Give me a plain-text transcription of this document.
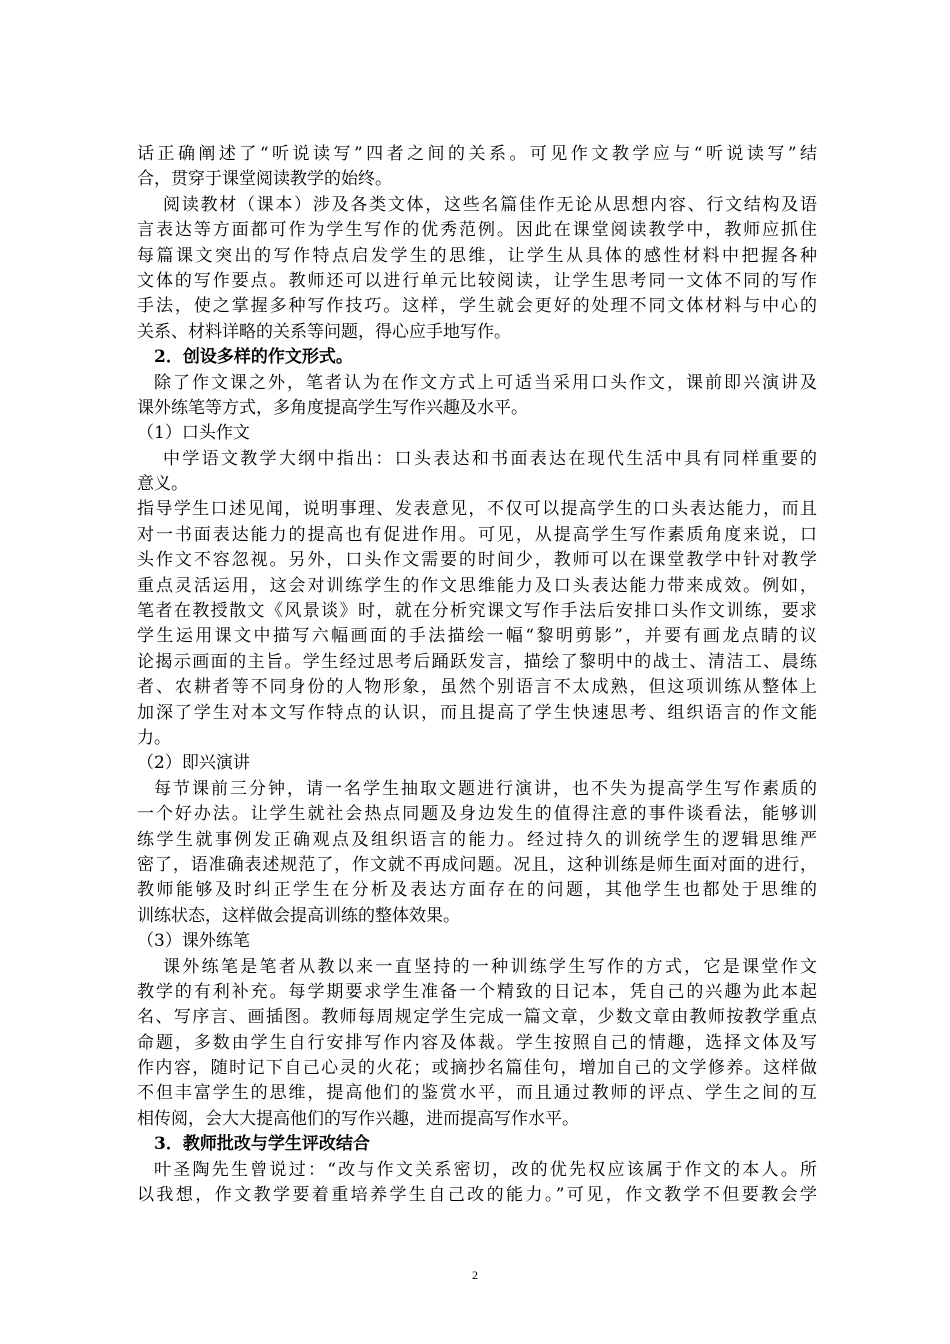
话正确阐述了“听说读写”四者之间的关系。可见作文教学应与“听说读写”结
合，贯穿于课堂阅读教学的始终。
阅读教材（课本）涉及各类文体，这些名篇佳作无论从思想内容、行文结构及语
言表达等方面都可作为学生写作的优秀范例。因此在课堂阅读教学中，教师应抓住
每篇课文突出的写作特点启发学生的思维，让学生从具体的感性材料中把握各种
文体的写作要点。教师还可以进行单元比较阅读，让学生思考同一文体不同的写作
手法，使之掌握多种写作技巧。这样，学生就会更好的处理不同文体材料与中心的
关系、材料详略的关系等问题，得心应手地写作。
2．创设多样的作文形式。
除了作文课之外，笔者认为在作文方式上可适当采用口头作文，课前即兴演讲及
课外练笔等方式，多角度提高学生写作兴趣及水平。
（1）口头作文
中学语文教学大纲中指出：口头表达和书面表达在现代生活中具有同样重要的
意义。
指导学生口述见闻，说明事理、发表意见，不仅可以提高学生的口头表达能力，而且
对一书面表达能力的提高也有促进作用。可见，从提高学生写作素质角度来说，口
头作文不容忽视。另外，口头作文需要的时间少，教师可以在课堂教学中针对教学
重点灵活运用，这会对训练学生的作文思维能力及口头表达能力带来成效。例如，
笔者在教授散文《风景谈》时，就在分析究课文写作手法后安排口头作文训练，要求
学生运用课文中描写六幅画面的手法描绘一幅“黎明剪影”，并要有画龙点睛的议
论揭示画面的主旨。学生经过思考后踊跃发言，描绘了黎明中的战士、清洁工、晨练
者、农耕者等不同身份的人物形象，虽然个别语言不太成熟，但这项训练从整体上
加深了学生对本文写作特点的认识，而且提高了学生快速思考、组织语言的作文能
力。
（2）即兴演讲
每节课前三分钟，请一名学生抽取文题进行演讲，也不失为提高学生写作素质的
一个好办法。让学生就社会热点同题及身边发生的值得注意的事件谈看法，能够训
练学生就事例发正确观点及组织语言的能力。经过持久的训统学生的逻辑思维严
密了，语准确表述规范了，作文就不再成问题。况且，这种训练是师生面对面的进行，
教师能够及时纠正学生在分析及表达方面存在的问题，其他学生也都处于思维的
训练状态，这样做会提高训练的整体效果。
（3）课外练笔
课外练笔是笔者从教以来一直坚持的一种训练学生写作的方式，它是课堂作文
教学的有利补充。每学期要求学生准备一个精致的日记本，凭自己的兴趣为此本起
名、写序言、画插图。教师每周规定学生完成一篇文章，少数文章由教师按教学重点
命题，多数由学生自行安排写作内容及体裁。学生按照自己的情趣，选择文体及写
作内容，随时记下自己心灵的火花；或摘抄名篇佳句，增加自己的文学修养。这样做
不但丰富学生的思维，提高他们的鉴赏水平，而且通过教师的评点、学生之间的互
相传阅，会大大提高他们的写作兴趣，进而提高写作水平。
3．教师批改与学生评改结合
叶圣陶先生曾说过：“改与作文关系密切，改的优先权应该属于作文的本人。所
以我想，作文教学要着重培养学生自己改的能力。”可见，作文教学不但要教会学
2
